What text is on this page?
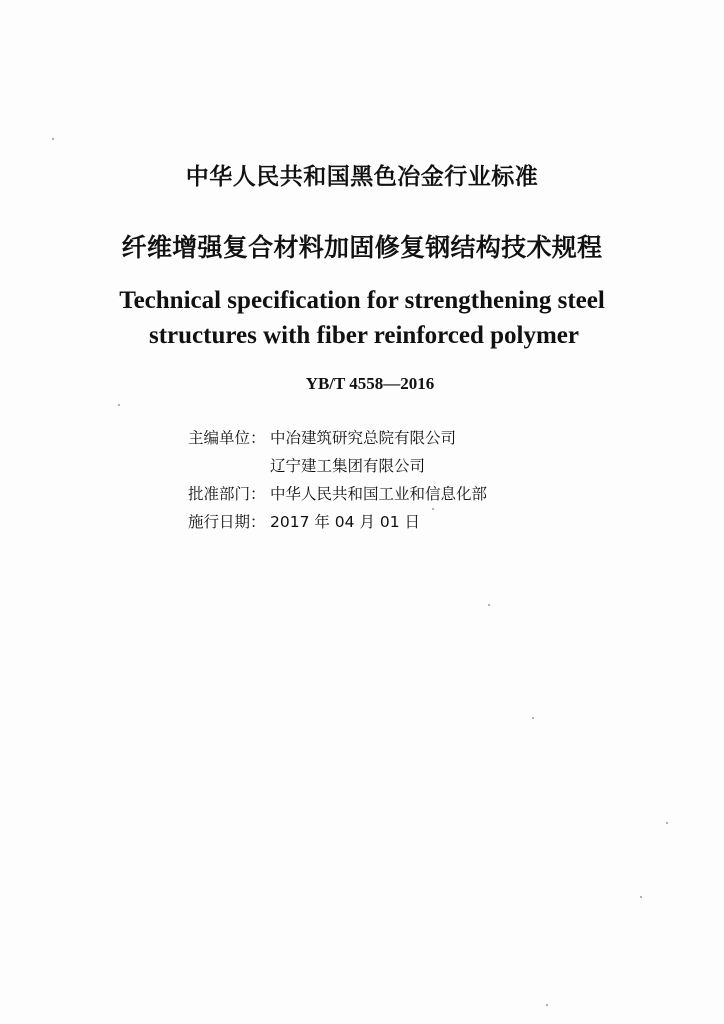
中华人民共和国黑色冶金行业标准
纤维增强复合材料加固修复钢结构技术规程
Technical specification for strengthening steel
structures with fiber reinforced polymer
YB/T 4558—2016
主编单位： 中冶建筑研究总院有限公司
辽宁建工集团有限公司
批准部门： 中华人民共和国工业和信息化部
施行日期： 2017 年 04 月 01 日
